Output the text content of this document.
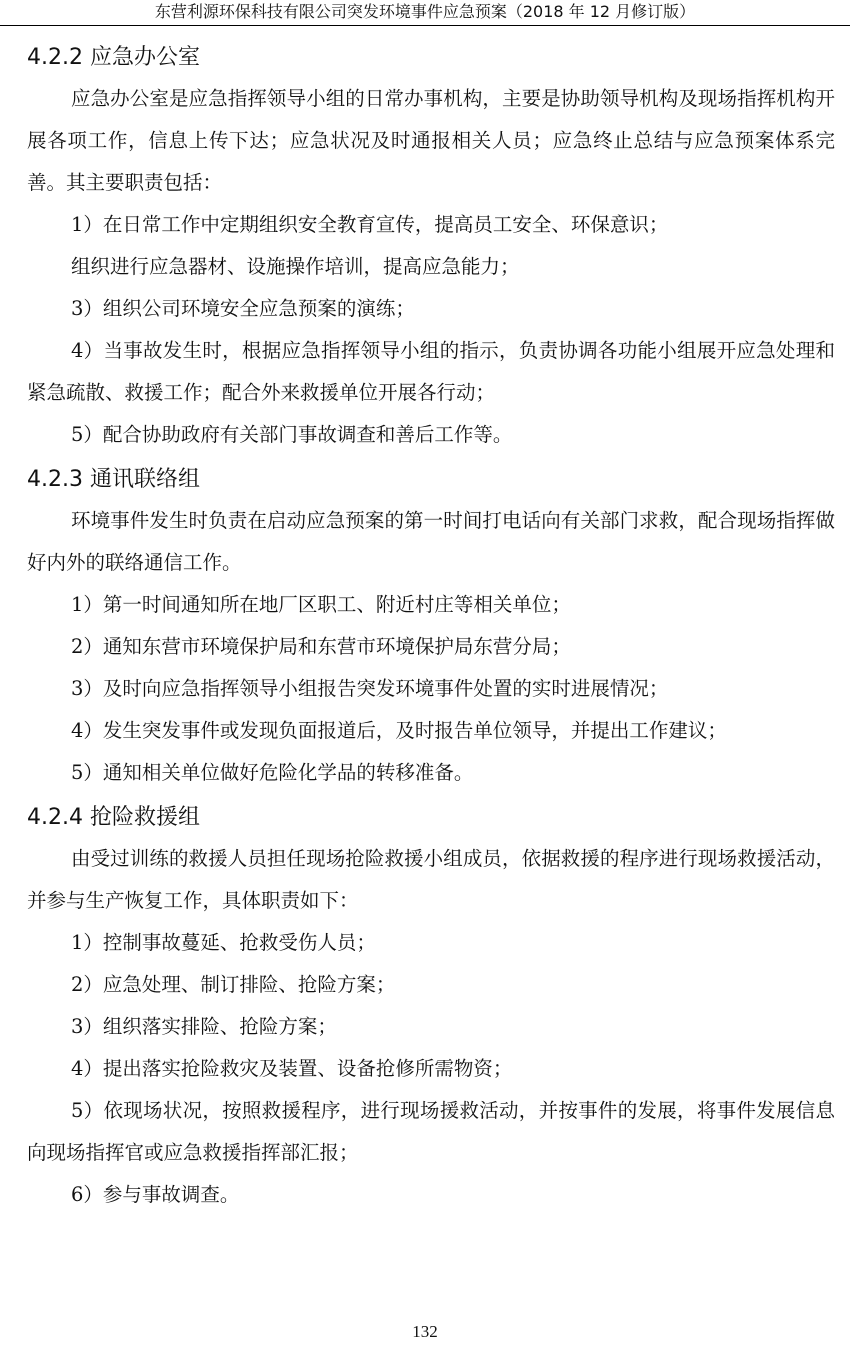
东营利源环保科技有限公司突发环境事件应急预案（2018 年 12 月修订版）
4.2.2 应急办公室

应急办公室是应急指挥领导小组的日常办事机构，主要是协助领导机构及现场指挥机构开展各项工作，信息上传下达；应急状况及时通报相关人员；应急终止总结与应急预案体系完善。其主要职责包括：

1）在日常工作中定期组织安全教育宣传，提高员工安全、环保意识；

组织进行应急器材、设施操作培训，提高应急能力；

3）组织公司环境安全应急预案的演练；

4）当事故发生时，根据应急指挥领导小组的指示，负责协调各功能小组展开应急处理和紧急疏散、救援工作；配合外来救援单位开展各行动；

5）配合协助政府有关部门事故调查和善后工作等。

4.2.3 通讯联络组

环境事件发生时负责在启动应急预案的第一时间打电话向有关部门求救，配合现场指挥做好内外的联络通信工作。

1）第一时间通知所在地厂区职工、附近村庄等相关单位；

2）通知东营市环境保护局和东营市环境保护局东营分局；

3）及时向应急指挥领导小组报告突发环境事件处置的实时进展情况；

4）发生突发事件或发现负面报道后，及时报告单位领导，并提出工作建议；

5）通知相关单位做好危险化学品的转移准备。

4.2.4 抢险救援组

由受过训练的救援人员担任现场抢险救援小组成员，依据救援的程序进行现场救援活动，并参与生产恢复工作，具体职责如下：

1）控制事故蔓延、抢救受伤人员；

2）应急处理、制订排险、抢险方案；

3）组织落实排险、抢险方案；

4）提出落实抢险救灾及装置、设备抢修所需物资；

5）依现场状况，按照救援程序，进行现场援救活动，并按事件的发展，将事件发展信息向现场指挥官或应急救援指挥部汇报；

6）参与事故调查。

132
